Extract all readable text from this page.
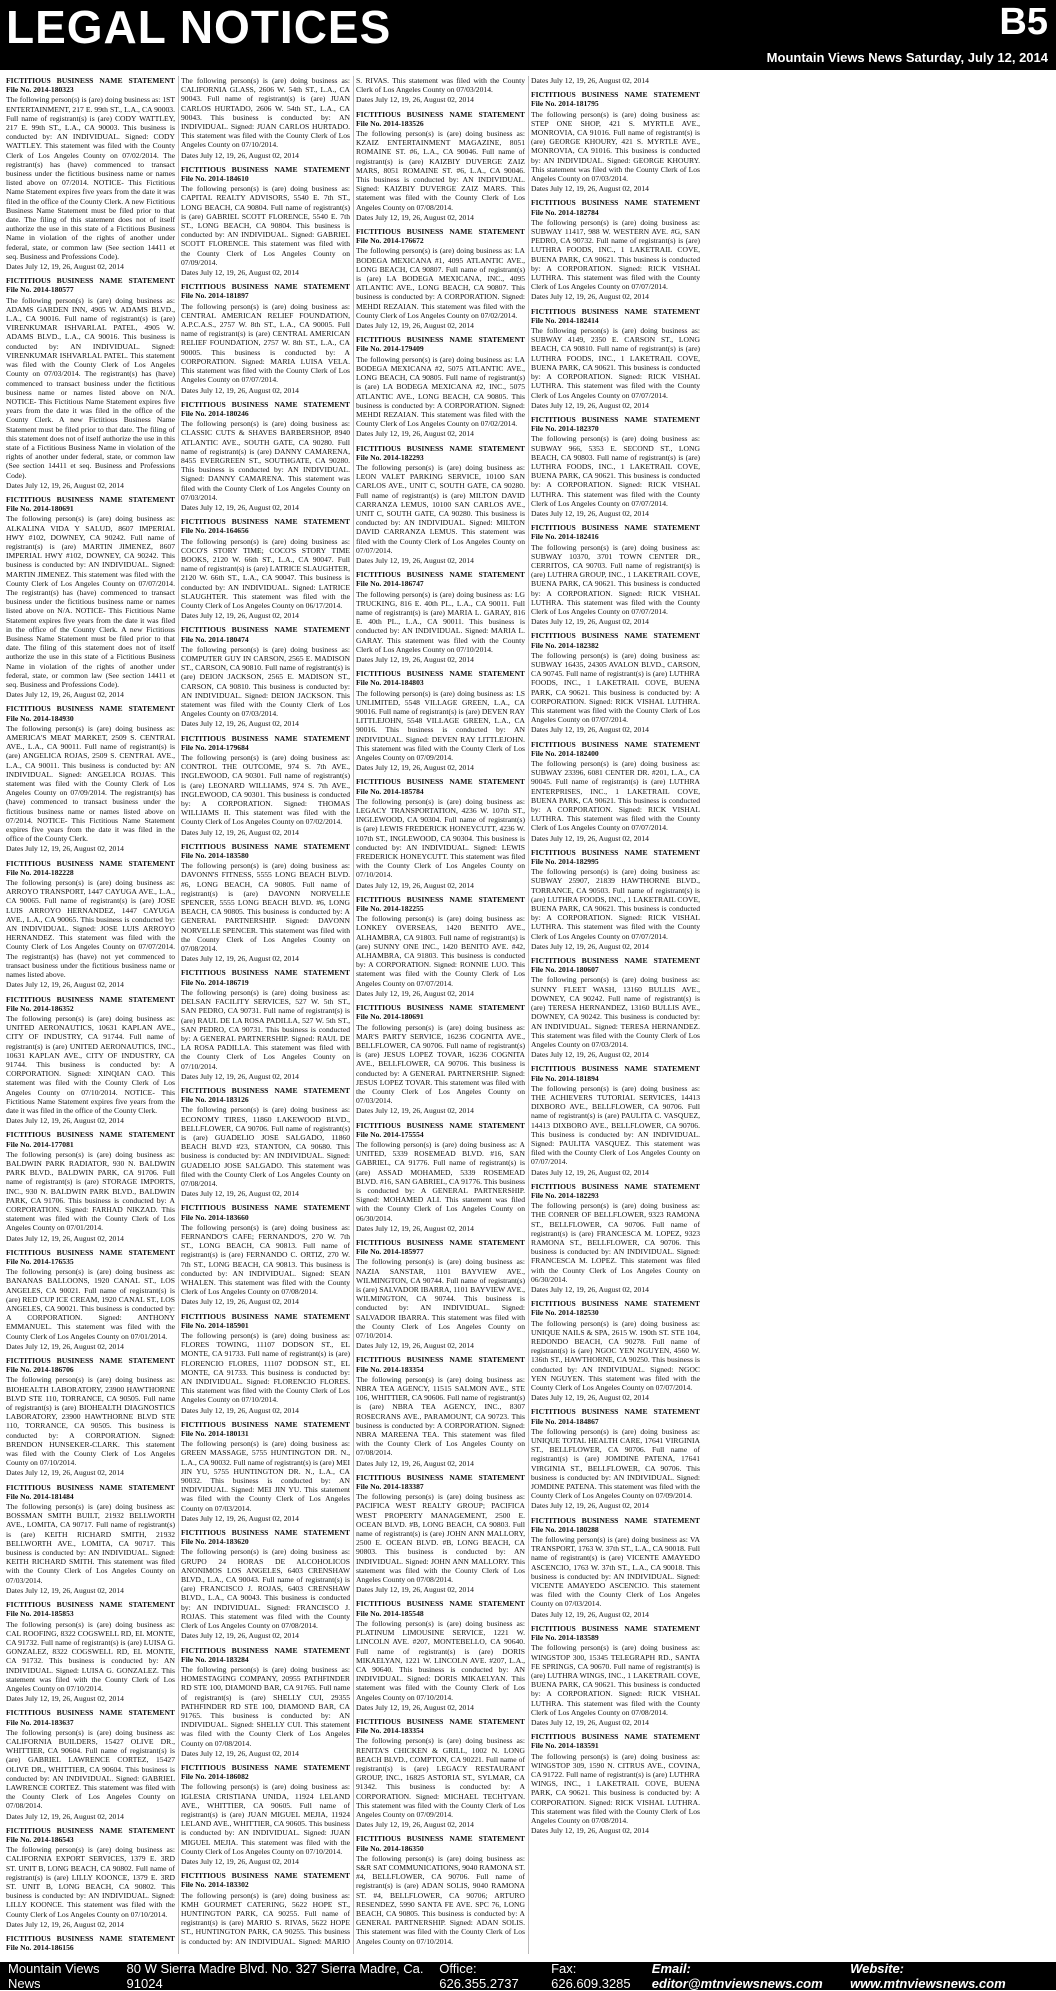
LEGAL NOTICES	B5
Mountain Views News Saturday, July 12, 2014
FICTITIOUS BUSINESS NAME STATEMENT File No. 2014-180323
The following person(s) is (are) doing business as: 1ST ENTERTAINMENT, 217 E. 99th ST., L.A., CA 90003. Full name of registrant(s) is (are) CODY WATTLEY, 217 E. 99th ST., L.A., CA 90003. This business is conducted by: AN INDIVIDUAL. Signed: CODY WATTLEY. This statement was filed with the County Clerk of Los Angeles County on 07/02/2014. The registrant(s) has (have) commenced to transact business under the fictitious business name or names listed above on 07/2014. NOTICE- This Fictitious Name Statement expires five years from the date it was filed in the office of the County Clerk. A new Fictitious Business Name Statement must be filed prior to that date. The filing of this statement does not of itself authorize the use in this state of a Fictitious Business Name in violation of the rights of another under federal, state, or common law (See section 14411 et seq. Business and Professions Code).
Dates July 12, 19, 26, August 02, 2014
FICTITIOUS BUSINESS NAME STATEMENT File No. 2014-180577
The following person(s) is (are) doing business as: ADAMS GARDEN INN, 4905 W. ADAMS BLVD., L.A., CA 90016. Full name of registrant(s) is (are) VIRENKUMAR ISHVARLAL PATEL, 4905 W. ADAMS BLVD., L.A., CA 90016. This business is conducted by: AN INDIVIDUAL. Signed: VIRENKUMAR ISHVARLAL PATEL. This statement was filed with the County Clerk of Los Angeles County on 07/03/2014. The registrant(s) has (have) commenced to transact business under the fictitious business name or names listed above on N/A. NOTICE- This Fictitious Name Statement expires five years from the date it was filed in the office of the County Clerk. A new Fictitious Business Name Statement must be filed prior to that date. The filing of this statement does not of itself authorize the use in this state of a Fictitious Business Name in violation of the rights of another under federal, state, or common law (See section 14411 et seq. Business and Professions Code).
Dates July 12, 19, 26, August 02, 2014
FICTITIOUS BUSINESS NAME STATEMENT File No. 2014-180691
The following person(s) is (are) doing business as: ALKALINA VIDA Y SALUD, 8607 IMPERIAL HWY #102, DOWNEY, CA 90242. Full name of registrant(s) is (are) MARTIN JIMENEZ, 8607 IMPERIAL HWY #102, DOWNEY, CA 90242. This business is conducted by: AN INDIVIDUAL. Signed: MARTIN JIMENEZ. This statement was filed with the County Clerk of Los Angeles County on 07/07/2014. The registrant(s) has (have) commenced to transact business under the fictitious business name or names listed above on N/A. NOTICE- This Fictitious Name Statement expires five years from the date it was filed in the office of the County Clerk. A new Fictitious Business Name Statement must be filed prior to that date. The filing of this statement does not of itself authorize the use in this state of a Fictitious Business Name in violation of the rights of another under federal, state, or common law (See section 14411 et seq. Business and Professions Code).
Dates July 12, 19, 26, August 02, 2014
FICTITIOUS BUSINESS NAME STATEMENT File No. 2014-184930
The following person(s) is (are) doing business as: AMERICA'S MEAT MARKET, 2509 S. CENTRAL AVE., L.A., CA 90011. Full name of registrant(s) is (are) ANGELICA ROJAS, 2509 S. CENTRAL AVE., L.A., CA 90011. This business is conducted by: AN INDIVIDUAL. Signed: ANGELICA ROJAS. This statement was filed with the County Clerk of Los Angeles County on 07/09/2014. The registrant(s) has (have) commenced to transact business under the fictitious business name or names listed above on 07/2014. NOTICE- This Fictitious Name Statement expires five years from the date it was filed in the office of the County Clerk.
Dates July 12, 19, 26, August 02, 2014
FICTITIOUS BUSINESS NAME STATEMENT File No. 2014-182228
The following person(s) is (are) doing business as: ARROYO TRANSPORT, 1447 CAYUGA AVE., L.A., CA 90065. Full name of registrant(s) is (are) JOSE LUIS ARROYO HERNANDEZ, 1447 CAYUGA AVE., L.A., CA 90065. This business is conducted by: AN INDIVIDUAL. Signed: JOSE LUIS ARROYO HERNANDEZ. This statement was filed with the County Clerk of Los Angeles County on 07/07/2014. The registrant(s) has (have) not yet commenced to transact business under the fictitious business name or names listed above.
Dates July 12, 19, 26, August 02, 2014
FICTITIOUS BUSINESS NAME STATEMENT File No. 2014-186352
The following person(s) is (are) doing business as: UNITED AERONAUTICS, 10631 KAPLAN AVE., CITY OF INDUSTRY, CA 91744. Full name of registrant(s) is (are) UNITED AERONAUTICS, INC., 10631 KAPLAN AVE., CITY OF INDUSTRY, CA 91744. This business is conducted by: A CORPORATION. Signed: XINQIAN CAO. This statement was filed with the County Clerk of Los Angeles County on 07/10/2014. NOTICE- This Fictitious Name Statement expires five years from the date it was filed in the office of the County Clerk.
Dates July 12, 19, 26, August 02, 2014
FICTITIOUS BUSINESS NAME STATEMENT File No. 2014-177081
The following person(s) is (are) doing business as: BALDWIN PARK RADIATOR, 930 N. BALDWIN PARK BLVD., BALDWIN PARK, CA 91706. Full name of registrant(s) is (are) STORAGE IMPORTS, INC., 930 N. BALDWIN PARK BLVD., BALDWIN PARK, CA 91706. This business is conducted by: A CORPORATION. Signed: FARHAD NIKZAD. This statement was filed with the County Clerk of Los Angeles County on 07/01/2014.
Dates July 12, 19, 26, August 02, 2014
FICTITIOUS BUSINESS NAME STATEMENT File No. 2014-176535
The following person(s) is (are) doing business as: BANANAS BALLOONS, 1920 CANAL ST., LOS ANGELES, CA 90021. Full name of registrant(s) is (are) RED CUP ICE CREAM, 1920 CANAL ST., LOS ANGELES, CA 90021. This business is conducted by: A CORPORATION. Signed: ANTHONY EMMANUEL. This statement was filed with the County Clerk of Los Angeles County on 07/01/2014.
Dates July 12, 19, 26, August 02, 2014
FICTITIOUS BUSINESS NAME STATEMENT File No. 2014-186706
The following person(s) is (are) doing business as: BIOHEALTH LABORATORY, 23900 HAWTHORNE BLVD STE 110, TORRANCE, CA 90505. Full name of registrant(s) is (are) BIOHEALTH DIAGNOSTICS LABORATORY, 23900 HAWTHORNE BLVD STE 110, TORRANCE, CA 90505. This business is conducted by: A CORPORATION. Signed: BRENDON HUNSEKER-CLARK. This statement was filed with the County Clerk of Los Angeles County on 07/10/2014.
Dates July 12, 19, 26, August 02, 2014
FICTITIOUS BUSINESS NAME STATEMENT File No. 2014-181484
The following person(s) is (are) doing business as: BOSSMAN SMITH BUILT, 21932 BELLWORTH AVE., LOMITA, CA 90717. Full name of registrant(s) is (are) KEITH RICHARD SMITH, 21932 BELLWORTH AVE., LOMITA, CA 90717. This business is conducted by: AN INDIVIDUAL. Signed: KEITH RICHARD SMITH. This statement was filed with the County Clerk of Los Angeles County on 07/03/2014.
Dates July 12, 19, 26, August 02, 2014
FICTITIOUS BUSINESS NAME STATEMENT File No. 2014-185853
The following person(s) is (are) doing business as: CAL ROOFING, 8322 COGSWELL RD, EL MONTE, CA 91732. Full name of registrant(s) is (are) LUISA G. GONZALEZ, 8322 COGSWELL RD, EL MONTE, CA 91732. This business is conducted by: AN INDIVIDUAL. Signed: LUISA G. GONZALEZ. This statement was filed with the County Clerk of Los Angeles County on 07/10/2014.
Dates July 12, 19, 26, August 02, 2014
FICTITIOUS BUSINESS NAME STATEMENT File No. 2014-183637
The following person(s) is (are) doing business as: CALIFORNIA BUILDERS, 15427 OLIVE DR., WHITTIER, CA 90604. Full name of registrant(s) is (are) GABRIEL LAWRENCE CORTEZ, 15427 OLIVE DR., WHITTIER, CA 90604. This business is conducted by: AN INDIVIDUAL. Signed: GABRIEL LAWRENCE CORTEZ. This statement was filed with the County Clerk of Los Angeles County on 07/08/2014.
Dates July 12, 19, 26, August 02, 2014
FICTITIOUS BUSINESS NAME STATEMENT File No. 2014-186543
The following person(s) is (are) doing business as: CALIFORNIA EXPORT SERVICES, 1379 E. 3RD ST. UNIT B, LONG BEACH, CA 90802. Full name of registrant(s) is (are) LILLY KOONCE, 1379 E. 3RD ST. UNIT B, LONG BEACH, CA 90802. This business is conducted by: AN INDIVIDUAL. Signed: LILLY KOONCE. This statement was filed with the County Clerk of Los Angeles County on 07/10/2014.
Dates July 12, 19, 26, August 02, 2014
FICTITIOUS BUSINESS NAME STATEMENT File No. 2014-186156
The following person(s) is (are) doing business as: CALIFORNIA GLASS, 2606 W. 54th ST., L.A., CA 90043. Full name of registrant(s) is (are) JUAN CARLOS HURTADO, 2606 W. 54th ST., L.A., CA 90043. This business is conducted by: AN INDIVIDUAL. Signed: JUAN CARLOS HURTADO. This statement was filed with the County Clerk of Los Angeles County on 07/10/2014.
Dates July 12, 19, 26, August 02, 2014
FICTITIOUS BUSINESS NAME STATEMENT File No. 2014-184610
The following person(s) is (are) doing business as: CAPITAL REALTY ADVISORS, 5540 E. 7th ST., LONG BEACH, CA 90804. Full name of registrant(s) is (are) GABRIEL SCOTT FLORENCE, 5540 E. 7th ST., LONG BEACH, CA 90804. This business is conducted by: AN INDIVIDUAL. Signed: GABRIEL SCOTT FLORENCE. This statement was filed with the County Clerk of Los Angeles County on 07/09/2014.
Dates July 12, 19, 26, August 02, 2014
FICTITIOUS BUSINESS NAME STATEMENT File No. 2014-181897
The following person(s) is (are) doing business as: CENTRAL AMERICAN RELIEF FOUNDATION, A.P.C.A.S., 2757 W. 8th ST., L.A., CA 90005. Full name of registrant(s) is (are) CENTRAL AMERICAN RELIEF FOUNDATION, 2757 W. 8th ST., L.A., CA 90005. This business is conducted by: A CORPORATION. Signed: MARIA LUISA VELA. This statement was filed with the County Clerk of Los Angeles County on 07/07/2014.
Dates July 12, 19, 26, August 02, 2014
FICTITIOUS BUSINESS NAME STATEMENT File No. 2014-180246
The following person(s) is (are) doing business as: CLASSIC CUTS & SHAVES BARBERSHOP, 8940 ATLANTIC AVE., SOUTH GATE, CA 90280. Full name of registrant(s) is (are) DANNY CAMARENA, 8455 EVERGREEN ST., SOUTHGATE, CA 90280. This business is conducted by: AN INDIVIDUAL. Signed: DANNY CAMARENA. This statement was filed with the County Clerk of Los Angeles County on 07/03/2014.
Dates July 12, 19, 26, August 02, 2014
FICTITIOUS BUSINESS NAME STATEMENT File No. 2014-164656
The following person(s) is (are) doing business as: COCO'S STORY TIME; COCO'S STORY TIME BOOKS, 2120 W. 66th ST., L.A., CA 90047. Full name of registrant(s) is (are) LATRICE SLAUGHTER, 2120 W. 66th ST., L.A., CA 90047. This business is conducted by: AN INDIVIDUAL. Signed: LATRICE SLAUGHTER. This statement was filed with the County Clerk of Los Angeles County on 06/17/2014.
Dates July 12, 19, 26, August 02, 2014
FICTITIOUS BUSINESS NAME STATEMENT File No. 2014-180474
The following person(s) is (are) doing business as: COMPUTER GUY IN CARSON, 2565 E. MADISON ST., CARSON, CA 90810. Full name of registrant(s) is (are) DEION JACKSON, 2565 E. MADISON ST., CARSON, CA 90810. This business is conducted by: AN INDIVIDUAL. Signed: DEION JACKSON. This statement was filed with the County Clerk of Los Angeles County on 07/03/2014.
Dates July 12, 19, 26, August 02, 2014
FICTITIOUS BUSINESS NAME STATEMENT File No. 2014-179684
The following person(s) is (are) doing business as: CONTROL THE OUTCOME, 974 S. 7th AVE., INGLEWOOD, CA 90301. Full name of registrant(s) is (are) LEONARD WILLIAMS, 974 S. 7th AVE., INGLEWOOD, CA 90301. This business is conducted by: A CORPORATION. Signed: THOMAS WILLIAMS II. This statement was filed with the County Clerk of Los Angeles County on 07/02/2014.
Dates July 12, 19, 26, August 02, 2014
FICTITIOUS BUSINESS NAME STATEMENT File No. 2014-183580
The following person(s) is (are) doing business as: DAVONN'S FITNESS, 5555 LONG BEACH BLVD. #6, LONG BEACH, CA 90805. Full name of registrant(s) is (are) DAVONN NORVELLE SPENCER, 5555 LONG BEACH BLVD. #6, LONG BEACH, CA 90805. This business is conducted by: A GENERAL PARTNERSHIP. Signed: DAVONN NORVELLE SPENCER. This statement was filed with the County Clerk of Los Angeles County on 07/08/2014.
Dates July 12, 19, 26, August 02, 2014
FICTITIOUS BUSINESS NAME STATEMENT File No. 2014-186719
The following person(s) is (are) doing business as: DELSAN FACILITY SERVICES, 527 W. 5th ST., SAN PEDRO, CA 90731. Full name of registrant(s) is (are) RAUL DE LA ROSA PADILLA, 527 W. 5th ST., SAN PEDRO, CA 90731. This business is conducted by: A GENERAL PARTNERSHIP. Signed: RAUL DE LA ROSA PADILLA. This statement was filed with the County Clerk of Los Angeles County on 07/10/2014.
Dates July 12, 19, 26, August 02, 2014
FICTITIOUS BUSINESS NAME STATEMENT File No. 2014-183126
The following person(s) is (are) doing business as: ECONOMY TIRES, 11860 LAKEWOOD BLVD., BELLFLOWER, CA 90706. Full name of registrant(s) is (are) GUADELIO JOSE SALGADO, 11860 BEACH BLVD #23, STANTON, CA 90680. This business is conducted by: AN INDIVIDUAL. Signed: GUADELIO JOSE SALGADO. This statement was filed with the County Clerk of Los Angeles County on 07/08/2014.
Dates July 12, 19, 26, August 02, 2014
FICTITIOUS BUSINESS NAME STATEMENT File No. 2014-183660
The following person(s) is (are) doing business as: FERNANDO'S CAFE; FERNANDO'S, 270 W. 7th ST., LONG BEACH, CA 90813. Full name of registrant(s) is (are) FERNANDO C. ORTIZ, 270 W. 7th ST., LONG BEACH, CA 90813. This business is conducted by: AN INDIVIDUAL. Signed: SEAN WHALEN. This statement was filed with the County Clerk of Los Angeles County on 07/08/2014.
Dates July 12, 19, 26, August 02, 2014
FICTITIOUS BUSINESS NAME STATEMENT File No. 2014-185901
The following person(s) is (are) doing business as: FLORES TOWING, 11107 DODSON ST., EL MONTE, CA 91733. Full name of registrant(s) is (are) FLORENCIO FLORES, 11107 DODSON ST., EL MONTE, CA 91733. This business is conducted by: AN INDIVIDUAL. Signed: FLORENCIO FLORES. This statement was filed with the County Clerk of Los Angeles County on 07/10/2014.
Dates July 12, 19, 26, August 02, 2014
FICTITIOUS BUSINESS NAME STATEMENT File No. 2014-180131
The following person(s) is (are) doing business as: GREEN MASSAGE, 5755 HUNTINGTON DR. N., L.A., CA 90032. Full name of registrant(s) is (are) MEI JIN YU, 5755 HUNTINGTON DR. N., L.A., CA 90032. This business is conducted by: AN INDIVIDUAL. Signed: MEI JIN YU. This statement was filed with the County Clerk of Los Angeles County on 07/03/2014.
Dates July 12, 19, 26, August 02, 2014
FICTITIOUS BUSINESS NAME STATEMENT File No. 2014-183620
The following person(s) is (are) doing business as: GRUPO 24 HORAS DE ALCOHOLICOS ANONIMOS LOS ANGELES, 6403 CRENSHAW BLVD., L.A., CA 90043. Full name of registrant(s) is (are) FRANCISCO J. ROJAS, 6403 CRENSHAW BLVD., L.A., CA 90043. This business is conducted by: AN INDIVIDUAL. Signed: FRANCISCO J. ROJAS. This statement was filed with the County Clerk of Los Angeles County on 07/08/2014.
Dates July 12, 19, 26, August 02, 2014
FICTITIOUS BUSINESS NAME STATEMENT File No. 2014-183284
The following person(s) is (are) doing business as: HOMESTAGING COMPANY, 20955 PATHFINDER RD STE 100, DIAMOND BAR, CA 91765. Full name of registrant(s) is (are) SHELLY CUI, 29355 PATHFINDER RD STE 100, DIAMOND BAR, CA 91765. This business is conducted by: AN INDIVIDUAL. Signed: SHELLY CUI. This statement was filed with the County Clerk of Los Angeles County on 07/08/2014.
Dates July 12, 19, 26, August 02, 2014
FICTITIOUS BUSINESS NAME STATEMENT File No. 2014-186082
The following person(s) is (are) doing business as: IGLESIA CRISTIANA UNIDA, 11924 LELAND AVE., WHITTIER, CA 90605. Full name of registrant(s) is (are) JUAN MIGUEL MEJIA, 11924 LELAND AVE., WHITTIER, CA 90605. This business is conducted by: AN INDIVIDUAL. Signed: JUAN MIGUEL MEJIA. This statement was filed with the County Clerk of Los Angeles County on 07/10/2014.
Dates July 12, 19, 26, August 02, 2014
FICTITIOUS BUSINESS NAME STATEMENT File No. 2014-183302
The following person(s) is (are) doing business as: KMH GOURMET CATERING, 5622 HOPE ST., HUNTINGTON PARK, CA 90255. Full name of registrant(s) is (are) MARIO S. RIVAS, 5622 HOPE ST., HUNTINGTON PARK, CA 90255. This business is conducted by: AN INDIVIDUAL. Signed: MARIO S. RIVAS. This statement was filed with the County Clerk of Los Angeles County on 07/03/2014.
Dates July 12, 19, 26, August 02, 2014
FICTITIOUS BUSINESS NAME STATEMENT File No. 2014-183526
The following person(s) is (are) doing business as: KZAIZ ENTERTAINMENT MAGAZINE, 8051 ROMAINE ST. #6, L.A., CA 90046. Full name of registrant(s) is (are) KAIZBIY DUVERGE ZAIZ MARS, 8051 ROMAINE ST. #6, L.A., CA 90046. This business is conducted by: AN INDIVIDUAL. Signed: KAIZBIY DUVERGE ZAIZ MARS. This statement was filed with the County Clerk of Los Angeles County on 07/08/2014.
Dates July 12, 19, 26, August 02, 2014
FICTITIOUS BUSINESS NAME STATEMENT File No. 2014-176672
The following person(s) is (are) doing business as: LA BODEGA MEXICANA #1, 4095 ATLANTIC AVE., LONG BEACH, CA 90807. Full name of registrant(s) is (are) LA BODEGA MEXICANA, INC., 4095 ATLANTIC AVE., LONG BEACH, CA 90807. This business is conducted by: A CORPORATION. Signed: MEHDI REZAIAN. This statement was filed with the County Clerk of Los Angeles County on 07/02/2014.
Dates July 12, 19, 26, August 02, 2014
FICTITIOUS BUSINESS NAME STATEMENT File No. 2014-179409
The following person(s) is (are) doing business as: LA BODEGA MEXICANA #2, 5075 ATLANTIC AVE., LONG BEACH, CA 90805. Full name of registrant(s) is (are) LA BODEGA MEXICANA #2, INC., 5075 ATLANTIC AVE., LONG BEACH, CA 90805. This business is conducted by: A CORPORATION. Signed: MEHDI REZAIAN. This statement was filed with the County Clerk of Los Angeles County on 07/02/2014.
Dates July 12, 19, 26, August 02, 2014
FICTITIOUS BUSINESS NAME STATEMENT File No. 2014-182293
The following person(s) is (are) doing business as: LEON VALET PARKING SERVICE, 10100 SAN CARLOS AVE., UNIT C, SOUTH GATE, CA 90280. Full name of registrant(s) is (are) MILTON DAVID CARRANZA LEMUS, 10100 SAN CARLOS AVE., UNIT C, SOUTH GATE, CA 90280. This business is conducted by: AN INDIVIDUAL. Signed: MILTON DAVID CARRANZA LEMUS. This statement was filed with the County Clerk of Los Angeles County on 07/07/2014.
Dates July 12, 19, 26, August 02, 2014
FICTITIOUS BUSINESS NAME STATEMENT File No. 2014-186747
The following person(s) is (are) doing business as: LG TRUCKING, 816 E. 40th PL., L.A., CA 90011. Full name of registrant(s) is (are) MARIA L. GARAY, 816 E. 40th PL., L.A., CA 90011. This business is conducted by: AN INDIVIDUAL. Signed: MARIA L. GARAY. This statement was filed with the County Clerk of Los Angeles County on 07/10/2014.
Dates July 12, 19, 26, August 02, 2014
FICTITIOUS BUSINESS NAME STATEMENT File No. 2014-184803
The following person(s) is (are) doing business as: LS UNLIMITED, 5548 VILLAGE GREEN, L.A., CA 90016. Full name of registrant(s) is (are) DEVEN RAY LITTLEJOHN, 5548 VILLAGE GREEN, L.A., CA 90016. This business is conducted by: AN INDIVIDUAL. Signed: DEVEN RAY LITTLEJOHN. This statement was filed with the County Clerk of Los Angeles County on 07/09/2014.
Dates July 12, 19, 26, August 02, 2014
FICTITIOUS BUSINESS NAME STATEMENT File No. 2014-185784
The following person(s) is (are) doing business as: LEGACY TRANSPORTATION, 4236 W. 107th ST., INGLEWOOD, CA 90304. Full name of registrant(s) is (are) LEWIS FREDERICK HONEYCUTT, 4236 W. 107th ST., INGLEWOOD, CA 90304. This business is conducted by: AN INDIVIDUAL. Signed: LEWIS FREDERICK HONEYCUTT. This statement was filed with the County Clerk of Los Angeles County on 07/10/2014.
Dates July 12, 19, 26, August 02, 2014
FICTITIOUS BUSINESS NAME STATEMENT File No. 2014-182255
The following person(s) is (are) doing business as: LONKEY OVERSEAS, 1420 BENITO AVE., ALHAMBRA, CA 91803. Full name of registrant(s) is (are) SUNNY ONE INC., 1420 BENITO AVE. #42, ALHAMBRA, CA 91803. This business is conducted by: A CORPORATION. Signed: RONNIE LUO. This statement was filed with the County Clerk of Los Angeles County on 07/07/2014.
Dates July 12, 19, 26, August 02, 2014
FICTITIOUS BUSINESS NAME STATEMENT File No. 2014-180691
The following person(s) is (are) doing business as: MAR'S PARTY SERVICE, 16236 COGNITA AVE., BELLFLOWER, CA 90706. Full name of registrant(s) is (are) JESUS LOPEZ TOVAR, 16236 COGNITA AVE., BELLFLOWER, CA 90706. This business is conducted by: A GENERAL PARTNERSHIP. Signed: JESUS LOPEZ TOVAR. This statement was filed with the County Clerk of Los Angeles County on 07/03/2014.
Dates July 12, 19, 26, August 02, 2014
FICTITIOUS BUSINESS NAME STATEMENT File No. 2014-175554
The following person(s) is (are) doing business as: A UNITED, 5339 ROSEMEAD BLVD. #16, SAN GABRIEL, CA 91776. Full name of registrant(s) is (are) ASSAD MOHAMED, 5339 ROSEMEAD BLVD. #16, SAN GABRIEL, CA 91776. This business is conducted by: A GENERAL PARTNERSHIP. Signed: MOHAMED ALI. This statement was filed with the County Clerk of Los Angeles County on 06/30/2014.
Dates July 12, 19, 26, August 02, 2014
FICTITIOUS BUSINESS NAME STATEMENT File No. 2014-185977
The following person(s) is (are) doing business as: NAZIA SANSTAR, 1101 BAYVIEW AVE., WILMINGTON, CA 90744. Full name of registrant(s) is (are) SALVADOR IBARRA, 1101 BAYVIEW AVE., WILMINGTON, CA 90744. This business is conducted by: AN INDIVIDUAL. Signed: SALVADOR IBARRA. This statement was filed with the County Clerk of Los Angeles County on 07/10/2014.
Dates July 12, 19, 26, August 02, 2014
FICTITIOUS BUSINESS NAME STATEMENT File No. 2014-183354
The following person(s) is (are) doing business as: NBRA TEA AGENCY, 11515 SALMON AVE., STE 106, WHITTIER, CA 90606. Full name of registrant(s) is (are) NBRA TEA AGENCY, INC., 8307 ROSECRANS AVE., PARAMOUNT, CA 90723. This business is conducted by: A CORPORATION. Signed: NBRA MAREENA TEA. This statement was filed with the County Clerk of Los Angeles County on 07/08/2014.
Dates July 12, 19, 26, August 02, 2014
FICTITIOUS BUSINESS NAME STATEMENT File No. 2014-183387
The following person(s) is (are) doing business as: PACIFICA WEST REALTY GROUP; PACIFICA WEST PROPERTY MANAGEMENT, 2500 E. OCEAN BLVD. #B, LONG BEACH, CA 90803. Full name of registrant(s) is (are) JOHN ANN MALLORY, 2500 E. OCEAN BLVD. #B, LONG BEACH, CA 90803. This business is conducted by: AN INDIVIDUAL. Signed: JOHN ANN MALLORY. This statement was filed with the County Clerk of Los Angeles County on 07/08/2014.
Dates July 12, 19, 26, August 02, 2014
FICTITIOUS BUSINESS NAME STATEMENT File No. 2014-185548
The following person(s) is (are) doing business as: PLATINUM LIMOUSINE SERVICE, 1221 W. LINCOLN AVE. #207, MONTEBELLO, CA 90640. Full name of registrant(s) is (are) DORIS MIKAELYAN, 1221 W. LINCOLN AVE. #207, L.A., CA 90640. This business is conducted by: AN INDIVIDUAL. Signed: DORIS MIKAELYAN. This statement was filed with the County Clerk of Los Angeles County on 07/10/2014.
Dates July 12, 19, 26, August 02, 2014
FICTITIOUS BUSINESS NAME STATEMENT File No. 2014-183354
The following person(s) is (are) doing business as: RENITA'S CHICKEN & GRILL, 1002 N. LONG BEACH BLVD., COMPTON, CA 90221. Full name of registrant(s) is (are) LEGACY RESTAURANT GROUP, INC., 16825 ASTORIA ST., SYLMAR, CA 91342. This business is conducted by: A CORPORATION. Signed: MICHAEL TECHTYAN. This statement was filed with the County Clerk of Los Angeles County on 07/09/2014.
Dates July 12, 19, 26, August 02, 2014
FICTITIOUS BUSINESS NAME STATEMENT File No. 2014-186350
The following person(s) is (are) doing business as: S&R SAT COMMUNICATIONS, 9040 RAMONA ST. #4, BELLFLOWER, CA 90706. Full name of registrant(s) is (are) ADAN SOLIS, 9040 RAMONA ST. #4, BELLFLOWER, CA 90706; ARTURO RESENDEZ, 5990 SANTA FE AVE. SPC 76, LONG BEACH, CA 90805. This business is conducted by: A GENERAL PARTNERSHIP. Signed: ADAN SOLIS. This statement was filed with the County Clerk of Los Angeles County on 07/10/2014.
Dates July 12, 19, 26, August 02, 2014
FICTITIOUS BUSINESS NAME STATEMENT File No. 2014-181795
The following person(s) is (are) doing business as: STEP ONE SHOP, 421 S. MYRTLE AVE., MONROVIA, CA 91016. Full name of registrant(s) is (are) GEORGE KHOURY, 421 S. MYRTLE AVE., MONROVIA, CA 91016. This business is conducted by: AN INDIVIDUAL. Signed: GEORGE KHOURY. This statement was filed with the County Clerk of Los Angeles County on 07/03/2014.
Dates July 12, 19, 26, August 02, 2014
FICTITIOUS BUSINESS NAME STATEMENT File No. 2014-182784
The following person(s) is (are) doing business as: SUBWAY 11417, 988 W. WESTERN AVE. #G, SAN PEDRO, CA 90732. Full name of registrant(s) is (are) LUTHRA FOODS, INC., 1 LAKETRAIL COVE, BUENA PARK, CA 90621. This business is conducted by: A CORPORATION. Signed: RICK VISHAL LUTHRA. This statement was filed with the County Clerk of Los Angeles County on 07/07/2014.
Dates July 12, 19, 26, August 02, 2014
FICTITIOUS BUSINESS NAME STATEMENT File No. 2014-182414
The following person(s) is (are) doing business as: SUBWAY 4149, 2350 E. CARSON ST., LONG BEACH, CA 90810. Full name of registrant(s) is (are) LUTHRA FOODS, INC., 1 LAKETRAIL COVE, BUENA PARK, CA 90621. This business is conducted by: A CORPORATION. Signed: RICK VISHAL LUTHRA. This statement was filed with the County Clerk of Los Angeles County on 07/07/2014.
Dates July 12, 19, 26, August 02, 2014
FICTITIOUS BUSINESS NAME STATEMENT File No. 2014-182370
The following person(s) is (are) doing business as: SUBWAY 966, 5353 E. SECOND ST., LONG BEACH, CA 90803. Full name of registrant(s) is (are) LUTHRA FOODS, INC., 1 LAKETRAIL COVE, BUENA PARK, CA 90621. This business is conducted by: A CORPORATION. Signed: RICK VISHAL LUTHRA. This statement was filed with the County Clerk of Los Angeles County on 07/07/2014.
Dates July 12, 19, 26, August 02, 2014
FICTITIOUS BUSINESS NAME STATEMENT File No. 2014-182416
The following person(s) is (are) doing business as: SUBWAY 10370, 3701 TOWN CENTER DR., CERRITOS, CA 90703. Full name of registrant(s) is (are) LUTHRA GROUP, INC., 1 LAKETRAIL COVE, BUENA PARK, CA 90621. This business is conducted by: A CORPORATION. Signed: RICK VISHAL LUTHRA. This statement was filed with the County Clerk of Los Angeles County on 07/07/2014.
Dates July 12, 19, 26, August 02, 2014
FICTITIOUS BUSINESS NAME STATEMENT File No. 2014-182382
The following person(s) is (are) doing business as: SUBWAY 16435, 24305 AVALON BLVD., CARSON, CA 90745. Full name of registrant(s) is (are) LUTHRA FOODS, INC., 1 LAKETRAIL COVE, BUENA PARK, CA 90621. This business is conducted by: A CORPORATION. Signed: RICK VISHAL LUTHRA. This statement was filed with the County Clerk of Los Angeles County on 07/07/2014.
Dates July 12, 19, 26, August 02, 2014
FICTITIOUS BUSINESS NAME STATEMENT File No. 2014-182400
The following person(s) is (are) doing business as: SUBWAY 23396, 6081 CENTER DR. #201, L.A., CA 90045. Full name of registrant(s) is (are) LUTHRA ENTERPRISES, INC., 1 LAKETRAIL COVE, BUENA PARK, CA 90621. This business is conducted by: A CORPORATION. Signed: RICK VISHAL LUTHRA. This statement was filed with the County Clerk of Los Angeles County on 07/07/2014.
Dates July 12, 19, 26, August 02, 2014
FICTITIOUS BUSINESS NAME STATEMENT File No. 2014-182995
The following person(s) is (are) doing business as: SUBWAY 25907, 21839 HAWTHORNE BLVD., TORRANCE, CA 90503. Full name of registrant(s) is (are) LUTHRA FOODS, INC., 1 LAKETRAIL COVE, BUENA PARK, CA 90621. This business is conducted by: A CORPORATION. Signed: RICK VISHAL LUTHRA. This statement was filed with the County Clerk of Los Angeles County on 07/07/2014.
Dates July 12, 19, 26, August 02, 2014
FICTITIOUS BUSINESS NAME STATEMENT File No. 2014-180607
The following person(s) is (are) doing business as: SUNNY FLEET WASH, 13160 BULLIS AVE., DOWNEY, CA 90242. Full name of registrant(s) is (are) TERESA HERNANDEZ, 13160 BULLIS AVE., DOWNEY, CA 90242. This business is conducted by: AN INDIVIDUAL. Signed: TERESA HERNANDEZ. This statement was filed with the County Clerk of Los Angeles County on 07/03/2014.
Dates July 12, 19, 26, August 02, 2014
FICTITIOUS BUSINESS NAME STATEMENT File No. 2014-181894
The following person(s) is (are) doing business as: THE ACHIEVERS TUTORIAL SERVICES, 14413 DIXBORO AVE., BELLFLOWER, CA 90706. Full name of registrant(s) is (are) PAULITA C. VASQUEZ, 14413 DIXBORO AVE., BELLFLOWER, CA 90706. This business is conducted by: AN INDIVIDUAL. Signed: PAULITA VASQUEZ. This statement was filed with the County Clerk of Los Angeles County on 07/07/2014.
Dates July 12, 19, 26, August 02, 2014
FICTITIOUS BUSINESS NAME STATEMENT File No. 2014-182293
The following person(s) is (are) doing business as: THE CORNER OF BELLFLOWER, 9323 RAMONA ST., BELLFLOWER, CA 90706. Full name of registrant(s) is (are) FRANCESCA M. LOPEZ, 9323 RAMONA ST., BELLFLOWER, CA 90706. This business is conducted by: AN INDIVIDUAL. Signed: FRANCESCA M. LOPEZ. This statement was filed with the County Clerk of Los Angeles County on 06/30/2014.
Dates July 12, 19, 26, August 02, 2014
FICTITIOUS BUSINESS NAME STATEMENT File No. 2014-182530
The following person(s) is (are) doing business as: UNIQUE NAILS & SPA, 2615 W. 190th ST. STE 104, REDONDO BEACH, CA 90278. Full name of registrant(s) is (are) NGOC YEN NGUYEN, 4560 W. 136th ST., HAWTHORNE, CA 90250. This business is conducted by: AN INDIVIDUAL. Signed: NGOC YEN NGUYEN. This statement was filed with the County Clerk of Los Angeles County on 07/07/2014.
Dates July 12, 19, 26, August 02, 2014
FICTITIOUS BUSINESS NAME STATEMENT File No. 2014-184867
The following person(s) is (are) doing business as: UNIQUE TOTAL HEALTH CARE, 17641 VIRGINIA ST., BELLFLOWER, CA 90706. Full name of registrant(s) is (are) JOMDINE PATENA, 17641 VIRGINIA ST., BELLFLOWER, CA 90706. This business is conducted by: AN INDIVIDUAL. Signed: JOMDINE PATENA. This statement was filed with the County Clerk of Los Angeles County on 07/09/2014.
Dates July 12, 19, 26, August 02, 2014
FICTITIOUS BUSINESS NAME STATEMENT File No. 2014-180288
The following person(s) is (are) doing business as: VA TRANSPORT, 1763 W. 37th ST., L.A., CA 90018. Full name of registrant(s) is (are) VICENTE AMAYEDO ASCENCIO, 1763 W. 37th ST., L.A., CA 90018. This business is conducted by: AN INDIVIDUAL. Signed: VICENTE AMAYEDO ASCENCIO. This statement was filed with the County Clerk of Los Angeles County on 07/03/2014.
Dates July 12, 19, 26, August 02, 2014
FICTITIOUS BUSINESS NAME STATEMENT File No. 2014-183589
The following person(s) is (are) doing business as: WINGSTOP 300, 15345 TELEGRAPH RD., SANTA FE SPRINGS, CA 90670. Full name of registrant(s) is (are) LUTHRA WINGS, INC., 1 LAKETRAIL COVE, BUENA PARK, CA 90621. This business is conducted by: A CORPORATION. Signed: RICK VISHAL LUTHRA. This statement was filed with the County Clerk of Los Angeles County on 07/08/2014.
Dates July 12, 19, 26, August 02, 2014
FICTITIOUS BUSINESS NAME STATEMENT File No. 2014-183591
The following person(s) is (are) doing business as: WINGSTOP 309, 1590 N. CITRUS AVE., COVINA, CA 91722. Full name of registrant(s) is (are) LUTHRA WINGS, INC., 1 LAKETRAIL COVE, BUENA PARK, CA 90621. This business is conducted by: A CORPORATION. Signed: RICK VISHAL LUTHRA. This statement was filed with the County Clerk of Los Angeles County on 07/08/2014.
Dates July 12, 19, 26, August 02, 2014
Mountain Views News
80 W Sierra Madre Blvd. No. 327 Sierra Madre, Ca. 91024
Office: 626.355.2737
Fax: 626.609.3285
Email: editor@mtnviewsnews.com
Website: www.mtnviewsnews.com
